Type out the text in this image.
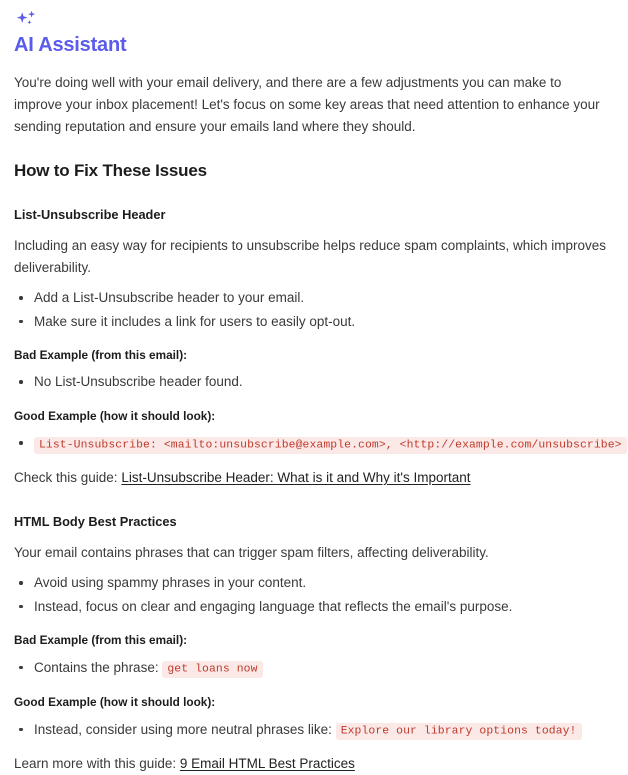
AI Assistant

You're doing well with your email delivery, and there are a few adjustments you can make to improve your inbox placement! Let's focus on some key areas that need attention to enhance your sending reputation and ensure your emails land where they should.

How to Fix These Issues
List-Unsubscribe Header

Including an easy way for recipients to unsubscribe helps reduce spam complaints, which improves deliverability.

Add a List-Unsubscribe header to your email.
Make sure it includes a link for users to easily opt-out.
Bad Example (from this email):
No List-Unsubscribe header found.
Good Example (how it should look):
List-Unsubscribe: <mailto:unsubscribe@example.com>, <http://example.com/unsubscribe>

Check this guide: List-Unsubscribe Header: What is it and Why it's Important

HTML Body Best Practices

Your email contains phrases that can trigger spam filters, affecting deliverability.

Avoid using spammy phrases in your content.
Instead, focus on clear and engaging language that reflects the email's purpose.
Bad Example (from this email):
Contains the phrase: get loans now
Good Example (how it should look):
Instead, consider using more neutral phrases like: Explore our library options today!

Learn more with this guide: 9 Email HTML Best Practices
